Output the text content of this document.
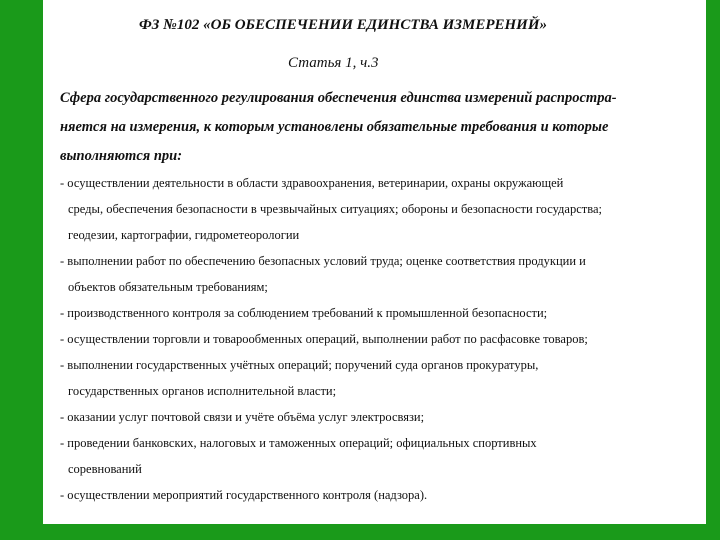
ФЗ №102 «ОБ ОБЕСПЕЧЕНИИ ЕДИНСТВА ИЗМЕРЕНИЙ»
Статья 1, ч.3

Сфера государственного регулирования обеспечения единства измерений распростра-
няется на измерения, к которым установлены обязательные требования и которые
выполняются при:

- осуществлении деятельности в области здравоохранения, ветеринарии, охраны окружающей
среды, обеспечения безопасности в чрезвычайных ситуациях; обороны и безопасности государства;
геодезии, картографии, гидрометеорологии
- выполнении работ по обеспечению безопасных условий труда; оценке соответствия продукции и
объектов обязательным требованиям;
- производственного контроля за соблюдением требований к промышленной безопасности;
- осуществлении торговли и товарообменных операций, выполнении работ по расфасовке товаров;
- выполнении государственных учётных операций; поручений суда органов прокуратуры,
государственных органов исполнительной власти;
- оказании услуг почтовой связи и учёте объёма услуг электросвязи;
- проведении банковских, налоговых и таможенных операций; официальных спортивных
соревнований
- осуществлении мероприятий государственного контроля (надзора).
